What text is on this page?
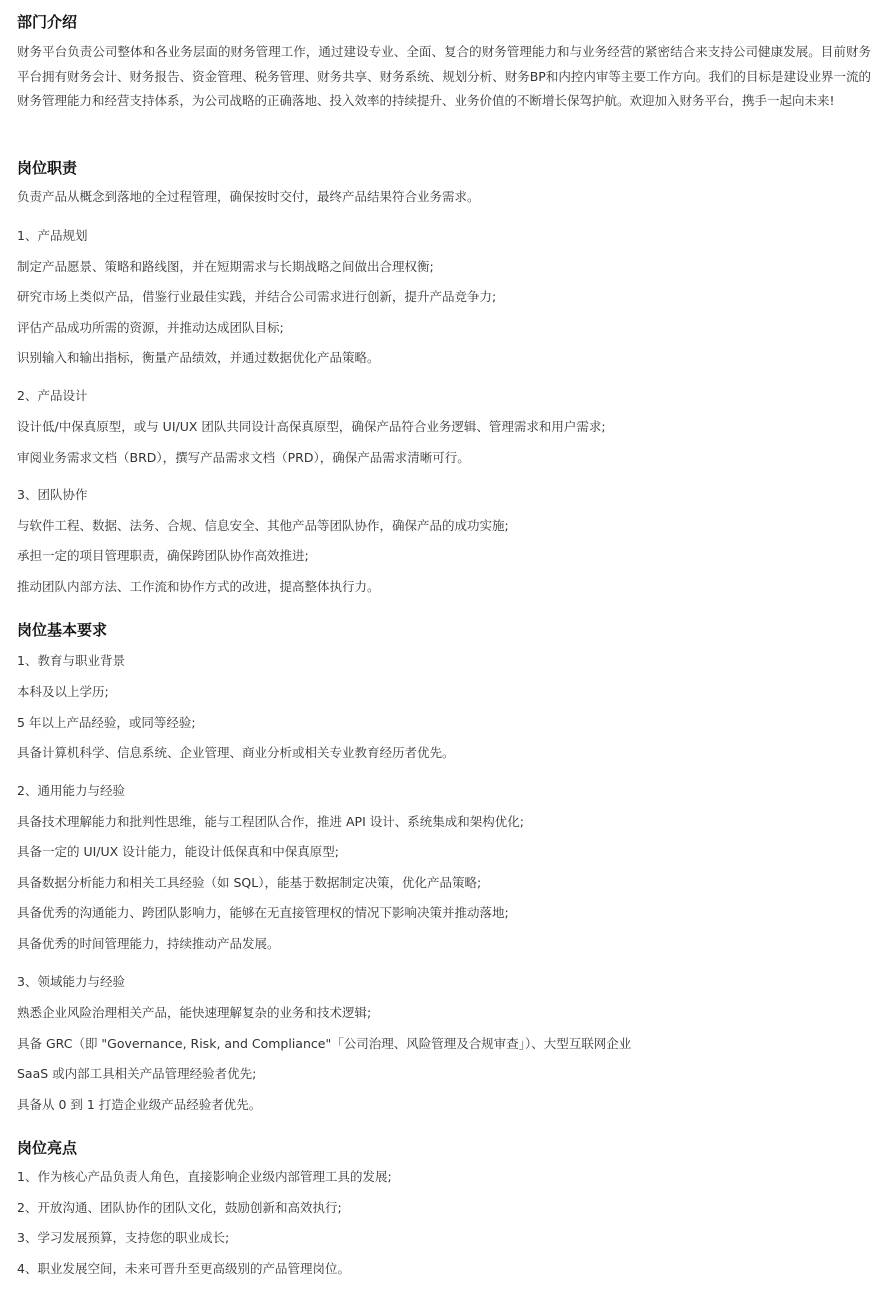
部门介绍

财务平台负责公司整体和各业务层面的财务管理工作，通过建设专业、全面、复合的财务管理能力和与业务经营的紧密结合来支持公司健康发展。目前财务平台拥有财务会计、财务报告、资金管理、税务管理、财务共享、财务系统、规划分析、财务BP和内控内审等主要工作方向。我们的目标是建设业界一流的财务管理能力和经营支持体系，为公司战略的正确落地、投入效率的持续提升、业务价值的不断增长保驾护航。欢迎加入财务平台，携手一起向未来!

岗位职责

负责产品从概念到落地的全过程管理，确保按时交付，最终产品结果符合业务需求。

1、产品规划

制定产品愿景、策略和路线图，并在短期需求与长期战略之间做出合理权衡;

研究市场上类似产品，借鉴行业最佳实践，并结合公司需求进行创新，提升产品竞争力;

评估产品成功所需的资源，并推动达成团队目标;

识别输入和输出指标，衡量产品绩效，并通过数据优化产品策略。

2、产品设计

设计低/中保真原型，或与 UI/UX 团队共同设计高保真原型，确保产品符合业务逻辑、管理需求和用户需求;

审阅业务需求文档（BRD），撰写产品需求文档（PRD），确保产品需求清晰可行。

3、团队协作

与软件工程、数据、法务、合规、信息安全、其他产品等团队协作，确保产品的成功实施;

承担一定的项目管理职责，确保跨团队协作高效推进;

推动团队内部方法、工作流和协作方式的改进，提高整体执行力。

岗位基本要求

1、教育与职业背景

本科及以上学历;

5 年以上产品经验，或同等经验;

具备计算机科学、信息系统、企业管理、商业分析或相关专业教育经历者优先。

2、通用能力与经验

具备技术理解能力和批判性思维，能与工程团队合作，推进 API 设计、系统集成和架构优化;

具备一定的 UI/UX 设计能力，能设计低保真和中保真原型;

具备数据分析能力和相关工具经验（如 SQL），能基于数据制定决策，优化产品策略;

具备优秀的沟通能力、跨团队影响力，能够在无直接管理权的情况下影响决策并推动落地;

具备优秀的时间管理能力，持续推动产品发展。

3、领域能力与经验

熟悉企业风险治理相关产品，能快速理解复杂的业务和技术逻辑;

具备 GRC（即 "Governance, Risk, and Compliance"「公司治理、风险管理及合规审查」）、大型互联网企业

SaaS 或内部工具相关产品管理经验者优先;

具备从 0 到 1 打造企业级产品经验者优先。

岗位亮点

1、作为核心产品负责人角色，直接影响企业级内部管理工具的发展;

2、开放沟通、团队协作的团队文化，鼓励创新和高效执行;

3、学习发展预算，支持您的职业成长;

4、职业发展空间，未来可晋升至更高级别的产品管理岗位。
